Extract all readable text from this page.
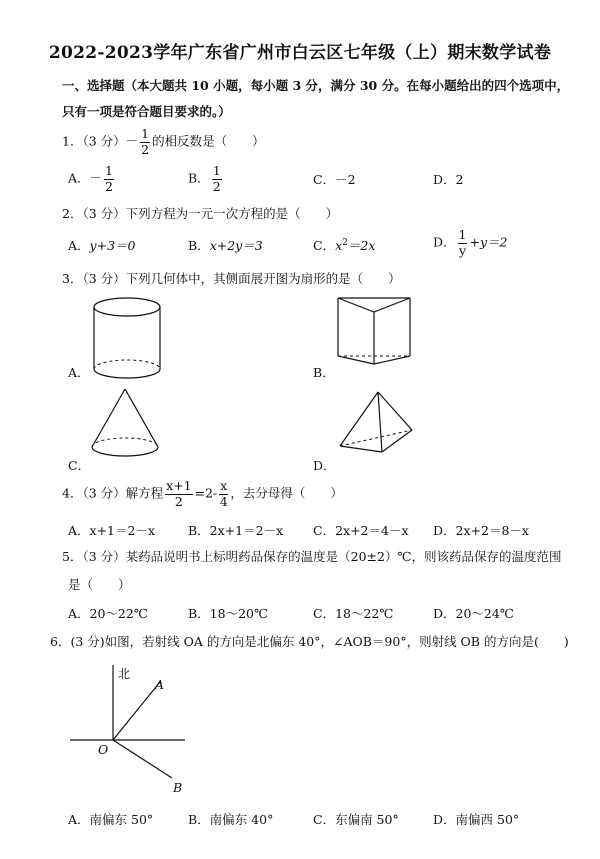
2022-2023学年广东省广州市白云区七年级（上）期末数学试卷
一、选择题（本大题共 10 小题，每小题 3 分，满分 30 分。在每小题给出的四个选项中，
只有一项是符合题目要求的。）
1．（3 分）－ $\frac{1}{2}$ 的相反数是（　　）
A．－ $\frac{1}{2}$	B． $\frac{1}{2}$	C．－2	D．2
2．（3 分）下列方程为一元一次方程的是（　　）
A．y+3＝0	B．x+2y＝3	C．$x^2=2x$	D． $\frac{1}{y} +y=2$
3．（3 分）下列几何体中，其侧面展开图为扇形的是（　　）
A．	B．
C．	D．
4．（3 分）解方程 $\frac{x+1}{2} =2- \frac{x}{4}$ ，去分母得（　　）
A．x+1＝2－x	B．2x+1＝2－x C．2x+2＝4－x D．2x+2＝8－x
5．（3 分）某药品说明书上标明药品保存的温度是（20±2）℃，则该药品保存的温度范围
是（　　）
A．20～22℃	B．18～20℃	C．18～22℃	D．20～24℃
6．(3 分)如图，若射线 OA 的方向是北偏东 40°，∠AOB＝90°，则射线 OB 的方向是(　　)
北
A
O
B
A．南偏东 50°	B．南偏东 40°	C．东偏南 50°	D．南偏西 50°
